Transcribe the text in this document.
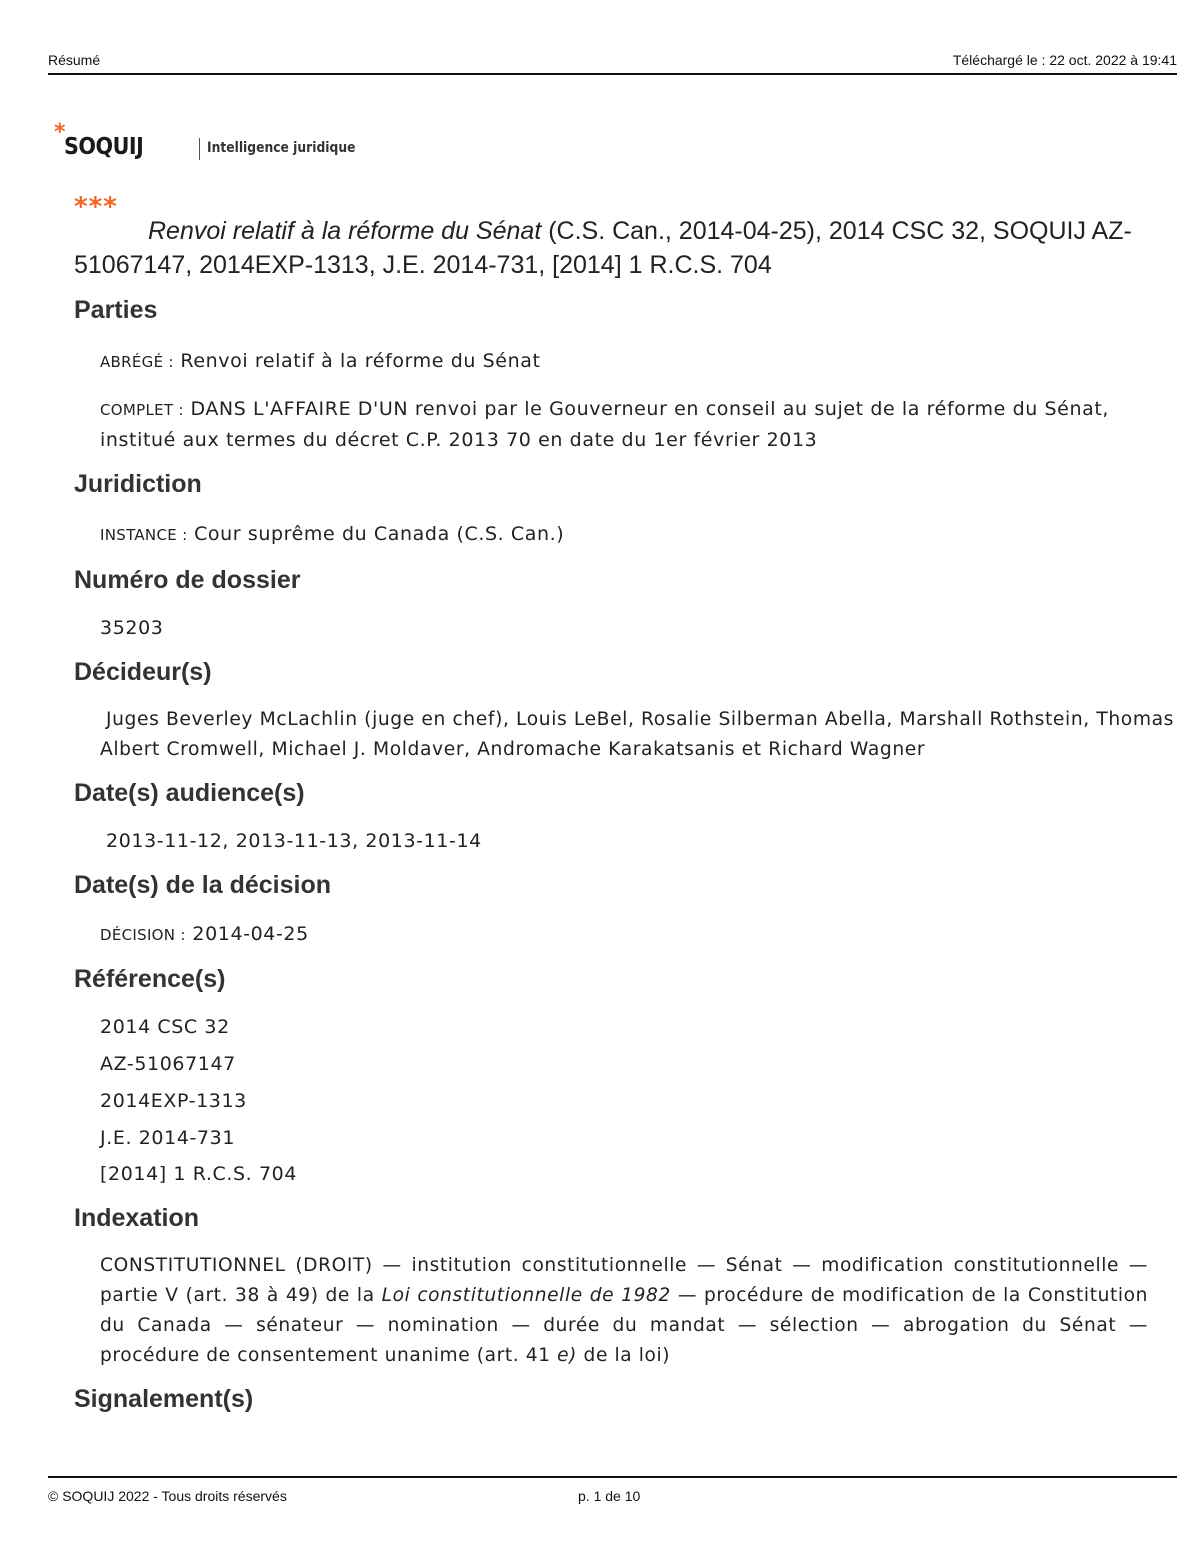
Résumé	Téléchargé le : 22 oct. 2022 à 19:41
*
SOQUIJ	Intelligence juridique
***
Renvoi relatif à la réforme du Sénat (C.S. Can., 2014-04-25), 2014 CSC 32, SOQUIJ AZ-51067147, 2014EXP-1313, J.E. 2014-731, [2014] 1 R.C.S. 704
Parties
ABRÉGÉ : Renvoi relatif à la réforme du Sénat
COMPLET : DANS L'AFFAIRE D'UN renvoi par le Gouverneur en conseil au sujet de la réforme du Sénat, institué aux termes du décret C.P. 2013 70 en date du 1er février 2013
Juridiction
INSTANCE : Cour suprême du Canada (C.S. Can.)
Numéro de dossier
35203
Décideur(s)
Juges Beverley McLachlin (juge en chef), Louis LeBel, Rosalie Silberman Abella, Marshall Rothstein, Thomas Albert Cromwell, Michael J. Moldaver, Andromache Karakatsanis et Richard Wagner
Date(s) audience(s)
2013-11-12, 2013-11-13, 2013-11-14
Date(s) de la décision
DÉCISION : 2014-04-25
Référence(s)
2014 CSC 32
AZ-51067147
2014EXP-1313
J.E. 2014-731
[2014] 1 R.C.S. 704
Indexation
CONSTITUTIONNEL (DROIT) — institution constitutionnelle — Sénat — modification constitutionnelle — partie V (art. 38 à 49) de la Loi constitutionnelle de 1982 — procédure de modification de la Constitution du Canada — sénateur — nomination — durée du mandat — sélection — abrogation du Sénat — procédure de consentement unanime (art. 41 e) de la loi)
Signalement(s)
© SOQUIJ 2022 - Tous droits réservés	p. 1 de 10
